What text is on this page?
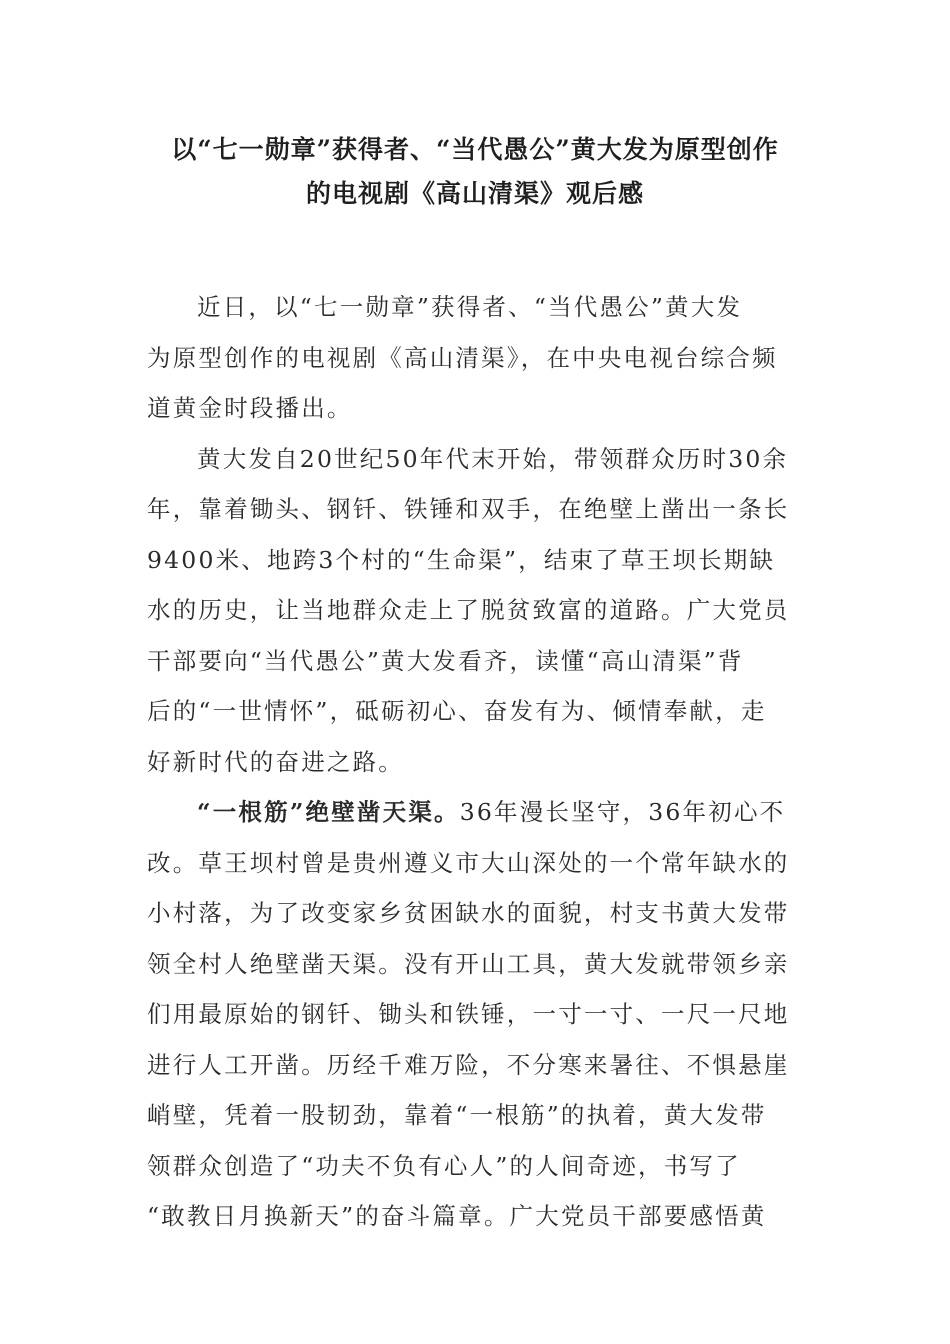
以“七一勋章”获得者、“当代愚公”黄大发为原型创作
的电视剧《高山清渠》观后感
近日，以“七一勋章”获得者、“当代愚公”黄大发
为原型创作的电视剧《高山清渠》，在中央电视台综合频
道黄金时段播出。
黄大发自20世纪50年代末开始，带领群众历时30余
年，靠着锄头、钢钎、铁锤和双手，在绝壁上凿出一条长
9400米、地跨3个村的“生命渠”，结束了草王坝长期缺
水的历史，让当地群众走上了脱贫致富的道路。广大党员
干部要向“当代愚公”黄大发看齐，读懂“高山清渠”背
后的“一世情怀”，砥砺初心、奋发有为、倾情奉献，走
好新时代的奋进之路。
“一根筋”绝壁凿天渠。36年漫长坚守，36年初心不
改。草王坝村曾是贵州遵义市大山深处的一个常年缺水的
小村落，为了改变家乡贫困缺水的面貌，村支书黄大发带
领全村人绝壁凿天渠。没有开山工具，黄大发就带领乡亲
们用最原始的钢钎、锄头和铁锤，一寸一寸、一尺一尺地
进行人工开凿。历经千难万险，不分寒来暑往、不惧悬崖
峭壁，凭着一股韧劲，靠着“一根筋”的执着，黄大发带
领群众创造了“功夫不负有心人”的人间奇迹，书写了
“敢教日月换新天”的奋斗篇章。广大党员干部要感悟黄
